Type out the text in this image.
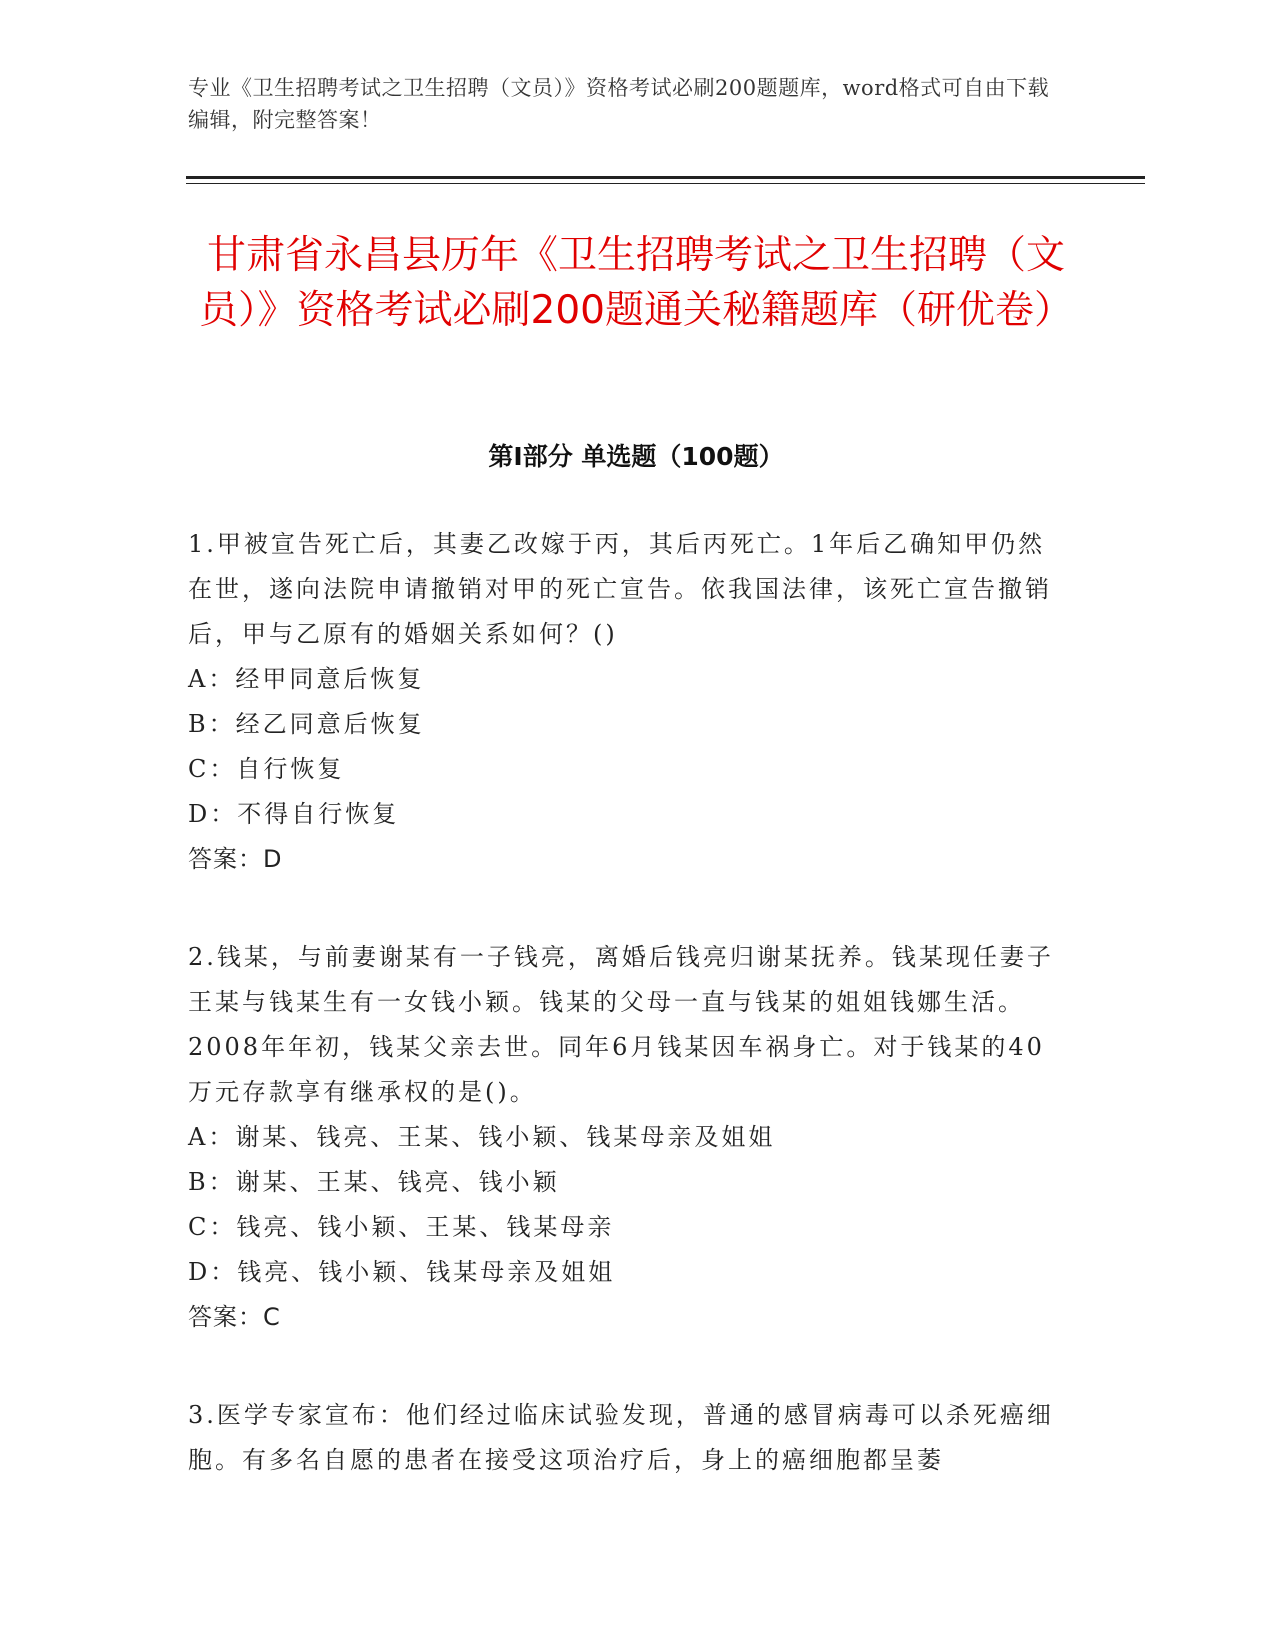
专业《卫生招聘考试之卫生招聘（文员）》资格考试必刷200题题库，word格式可自由下载编辑，附完整答案！
甘肃省永昌县历年《卫生招聘考试之卫生招聘（文员）》资格考试必刷200题通关秘籍题库（研优卷）
第Ⅰ部分 单选题（100题）

1.甲被宣告死亡后，其妻乙改嫁于丙，其后丙死亡。1年后乙确知甲仍然在世，遂向法院申请撤销对甲的死亡宣告。依我国法律，该死亡宣告撤销后，甲与乙原有的婚姻关系如何？()

A：经甲同意后恢复

B：经乙同意后恢复

C：自行恢复

D：不得自行恢复

答案：D

2.钱某，与前妻谢某有一子钱亮，离婚后钱亮归谢某抚养。钱某现任妻子王某与钱某生有一女钱小颖。钱某的父母一直与钱某的姐姐钱娜生活。2008年年初，钱某父亲去世。同年6月钱某因车祸身亡。对于钱某的40万元存款享有继承权的是()。

A：谢某、钱亮、王某、钱小颖、钱某母亲及姐姐

B：谢某、王某、钱亮、钱小颖

C：钱亮、钱小颖、王某、钱某母亲

D：钱亮、钱小颖、钱某母亲及姐姐

答案：C

3.医学专家宣布：他们经过临床试验发现，普通的感冒病毒可以杀死癌细胞。有多名自愿的患者在接受这项治疗后，身上的癌细胞都呈萎
